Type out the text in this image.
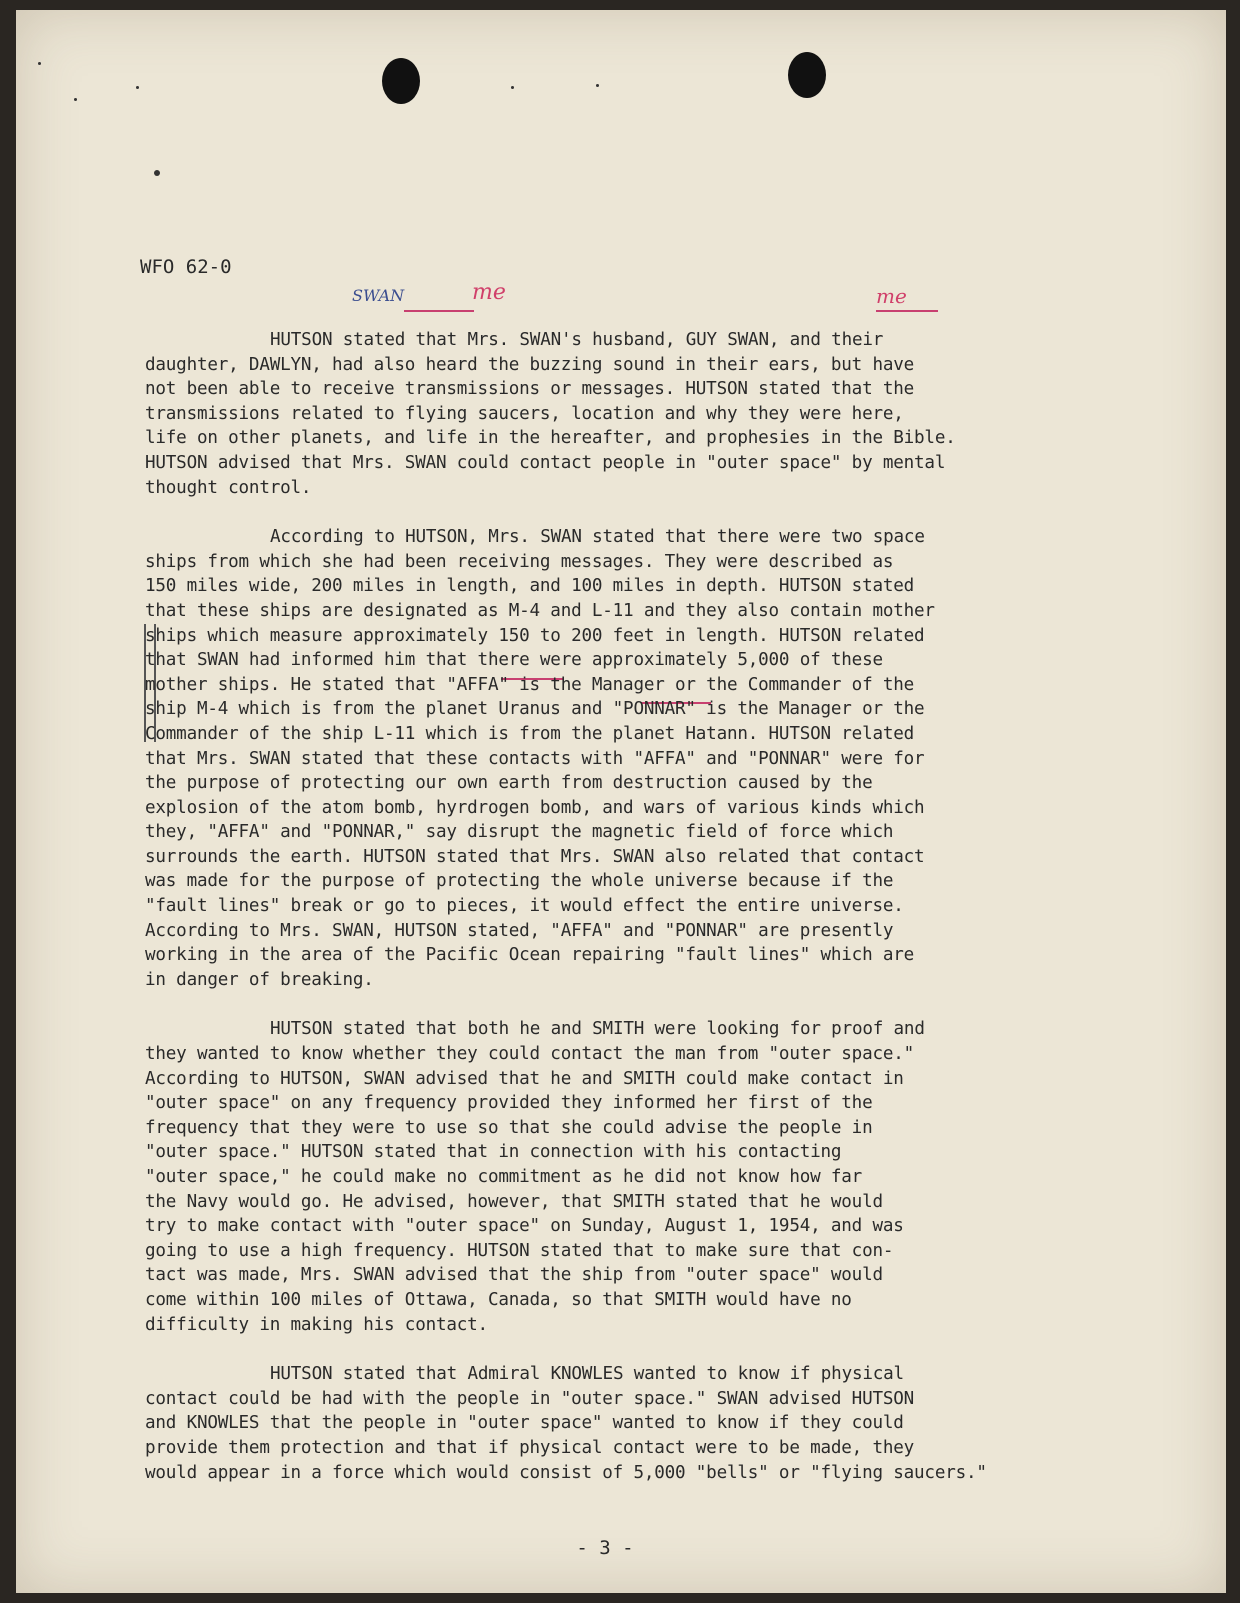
SWAN	me	me
WFO 62-0

HUTSON stated that Mrs. SWAN's husband, GUY SWAN, and their
daughter, DAWLYN, had also heard the buzzing sound in their ears, but have
not been able to receive transmissions or messages. HUTSON stated that the
transmissions related to flying saucers, location and why they were here,
life on other planets, and life in the hereafter, and prophesies in the Bible.
HUTSON advised that Mrs. SWAN could contact people in "outer space" by mental
thought control.

According to HUTSON, Mrs. SWAN stated that there were two space
ships from which she had been receiving messages. They were described as
150 miles wide, 200 miles in length, and 100 miles in depth. HUTSON stated
that these ships are designated as M-4 and L-11 and they also contain mother
ships which measure approximately 150 to 200 feet in length. HUTSON related
that SWAN had informed him that there were approximately 5,000 of these
mother ships. He stated that "AFFA" is the Manager or the Commander of the
ship M-4 which is from the planet Uranus and "PONNAR" is the Manager or the
Commander of the ship L-11 which is from the planet Hatann. HUTSON related
that Mrs. SWAN stated that these contacts with "AFFA" and "PONNAR" were for
the purpose of protecting our own earth from destruction caused by the
explosion of the atom bomb, hyrdrogen bomb, and wars of various kinds which
they, "AFFA" and "PONNAR," say disrupt the magnetic field of force which
surrounds the earth. HUTSON stated that Mrs. SWAN also related that contact
was made for the purpose of protecting the whole universe because if the
"fault lines" break or go to pieces, it would effect the entire universe.
According to Mrs. SWAN, HUTSON stated, "AFFA" and "PONNAR" are presently
working in the area of the Pacific Ocean repairing "fault lines" which are
in danger of breaking.

HUTSON stated that both he and SMITH were looking for proof and
they wanted to know whether they could contact the man from "outer space."
According to HUTSON, SWAN advised that he and SMITH could make contact in
"outer space" on any frequency provided they informed her first of the
frequency that they were to use so that she could advise the people in
"outer space." HUTSON stated that in connection with his contacting
"outer space," he could make no commitment as he did not know how far
the Navy would go. He advised, however, that SMITH stated that he would
try to make contact with "outer space" on Sunday, August 1, 1954, and was
going to use a high frequency. HUTSON stated that to make sure that con-
tact was made, Mrs. SWAN advised that the ship from "outer space" would
come within 100 miles of Ottawa, Canada, so that SMITH would have no
difficulty in making his contact.

HUTSON stated that Admiral KNOWLES wanted to know if physical
contact could be had with the people in "outer space." SWAN advised HUTSON
and KNOWLES that the people in "outer space" wanted to know if they could
provide them protection and that if physical contact were to be made, they
would appear in a force which would consist of 5,000 "bells" or "flying saucers."

- 3 -
